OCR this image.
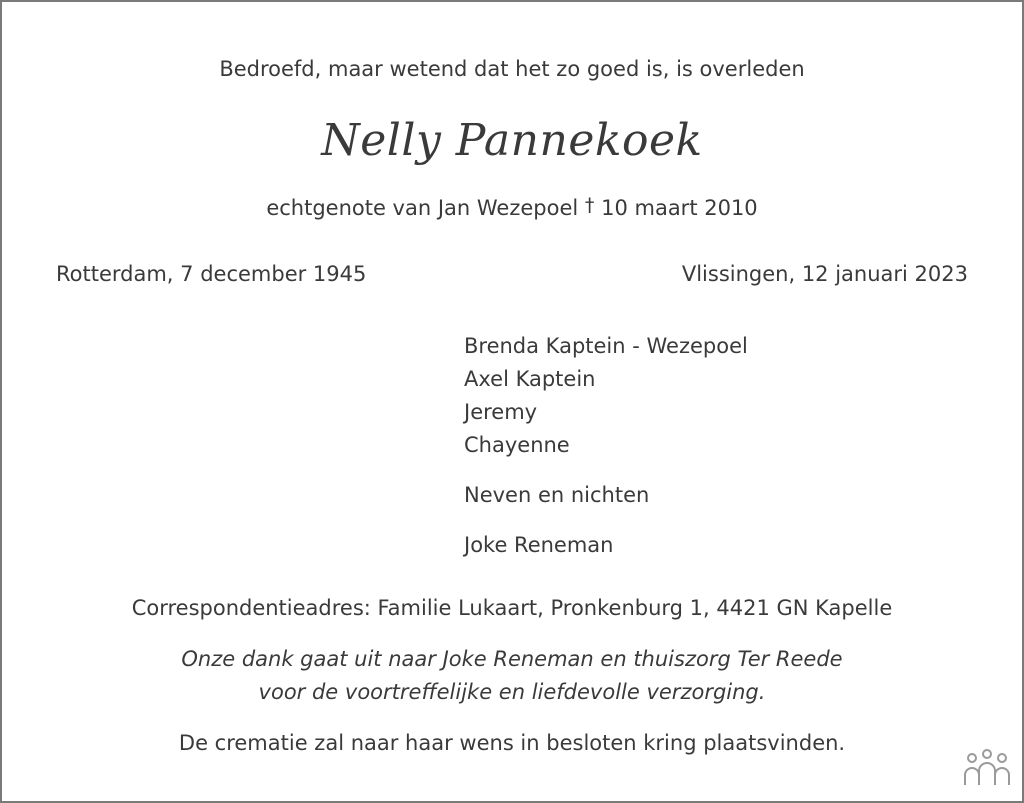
Bedroefd, maar wetend dat het zo goed is, is overleden
Nelly Pannekoek
echtgenote van Jan Wezepoel † 10 maart 2010
Rotterdam, 7 december 1945	Vlissingen, 12 januari 2023
Brenda Kaptein - Wezepoel
Axel Kaptein
Jeremy
Chayenne
Neven en nichten
Joke Reneman
Correspondentieadres: Familie Lukaart, Pronkenburg 1, 4421 GN Kapelle
Onze dank gaat uit naar Joke Reneman en thuiszorg Ter Reede
voor de voortreffelijke en liefdevolle verzorging.
De crematie zal naar haar wens in besloten kring plaatsvinden.
